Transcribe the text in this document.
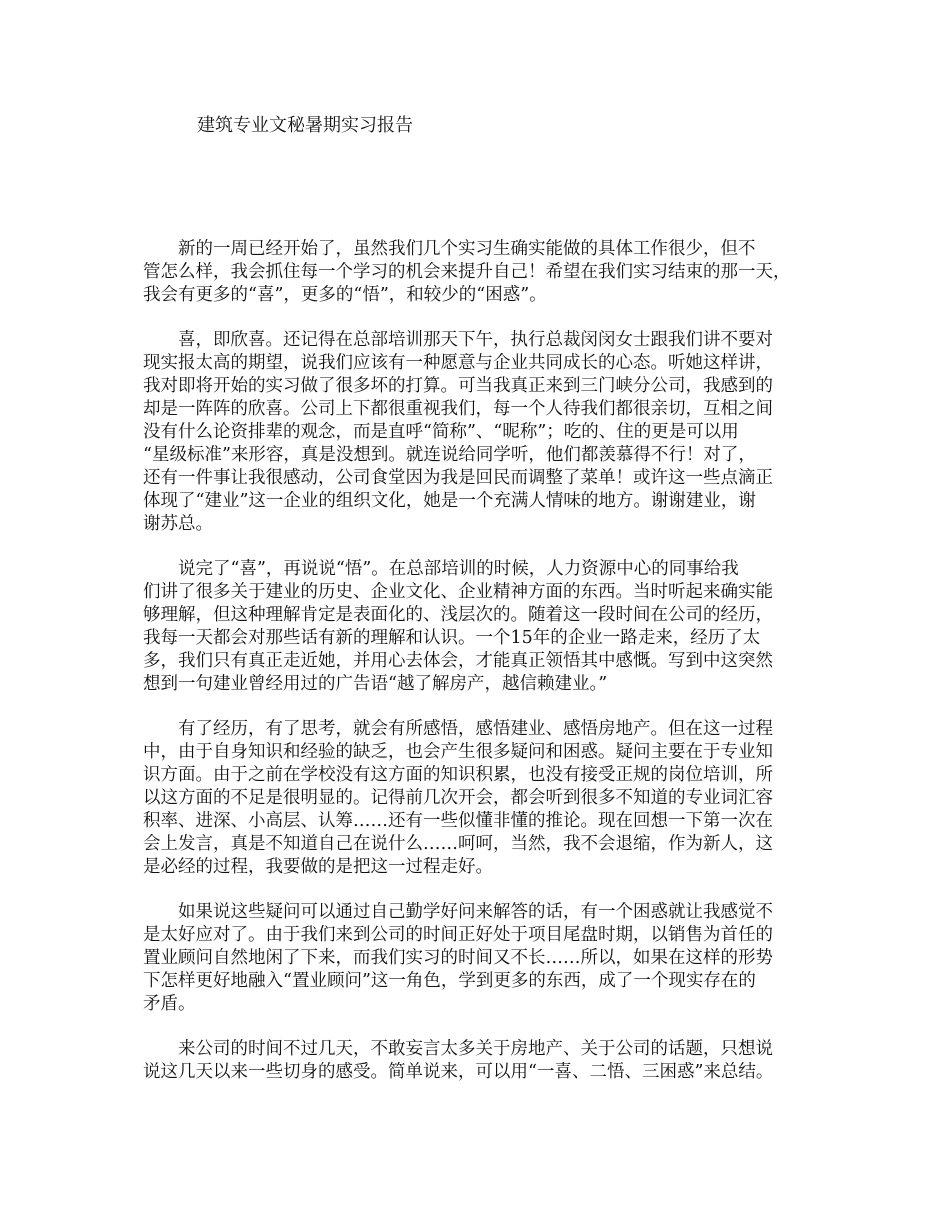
建筑专业文秘暑期实习报告

新的一周已经开始了，虽然我们几个实习生确实能做的具体工作很少，但不
管怎么样，我会抓住每一个学习的机会来提升自己！希望在我们实习结束的那一天，
我会有更多的“喜”，更多的“悟”，和较少的“困惑”。

喜，即欣喜。还记得在总部培训那天下午，执行总裁闵闵女士跟我们讲不要对
现实报太高的期望，说我们应该有一种愿意与企业共同成长的心态。听她这样讲，
我对即将开始的实习做了很多坏的打算。可当我真正来到三门峡分公司，我感到的
却是一阵阵的欣喜。公司上下都很重视我们，每一个人待我们都很亲切，互相之间
没有什么论资排辈的观念，而是直呼“简称”、“昵称”；吃的、住的更是可以用
“星级标准”来形容，真是没想到。就连说给同学听，他们都羡慕得不行！对了，
还有一件事让我很感动，公司食堂因为我是回民而调整了菜单！或许这一些点滴正
体现了“建业”这一企业的组织文化，她是一个充满人情味的地方。谢谢建业，谢
谢苏总。

说完了“喜”，再说说“悟”。在总部培训的时候，人力资源中心的同事给我
们讲了很多关于建业的历史、企业文化、企业精神方面的东西。当时听起来确实能
够理解，但这种理解肯定是表面化的、浅层次的。随着这一段时间在公司的经历，
我每一天都会对那些话有新的理解和认识。一个15年的企业一路走来，经历了太
多，我们只有真正走近她，并用心去体会，才能真正领悟其中感慨。写到中这突然
想到一句建业曾经用过的广告语“越了解房产，越信赖建业。”

有了经历，有了思考，就会有所感悟，感悟建业、感悟房地产。但在这一过程
中，由于自身知识和经验的缺乏，也会产生很多疑问和困惑。疑问主要在于专业知
识方面。由于之前在学校没有这方面的知识积累，也没有接受正规的岗位培训，所
以这方面的不足是很明显的。记得前几次开会，都会听到很多不知道的专业词汇容
积率、进深、小高层、认筹……还有一些似懂非懂的推论。现在回想一下第一次在
会上发言，真是不知道自己在说什么……呵呵，当然，我不会退缩，作为新人，这
是必经的过程，我要做的是把这一过程走好。

如果说这些疑问可以通过自己勤学好问来解答的话，有一个困惑就让我感觉不
是太好应对了。由于我们来到公司的时间正好处于项目尾盘时期，以销售为首任的
置业顾问自然地闲了下来，而我们实习的时间又不长……所以，如果在这样的形势
下怎样更好地融入“置业顾问”这一角色，学到更多的东西，成了一个现实存在的
矛盾。

来公司的时间不过几天，不敢妄言太多关于房地产、关于公司的话题，只想说
说这几天以来一些切身的感受。简单说来，可以用“一喜、二悟、三困惑”来总结。
